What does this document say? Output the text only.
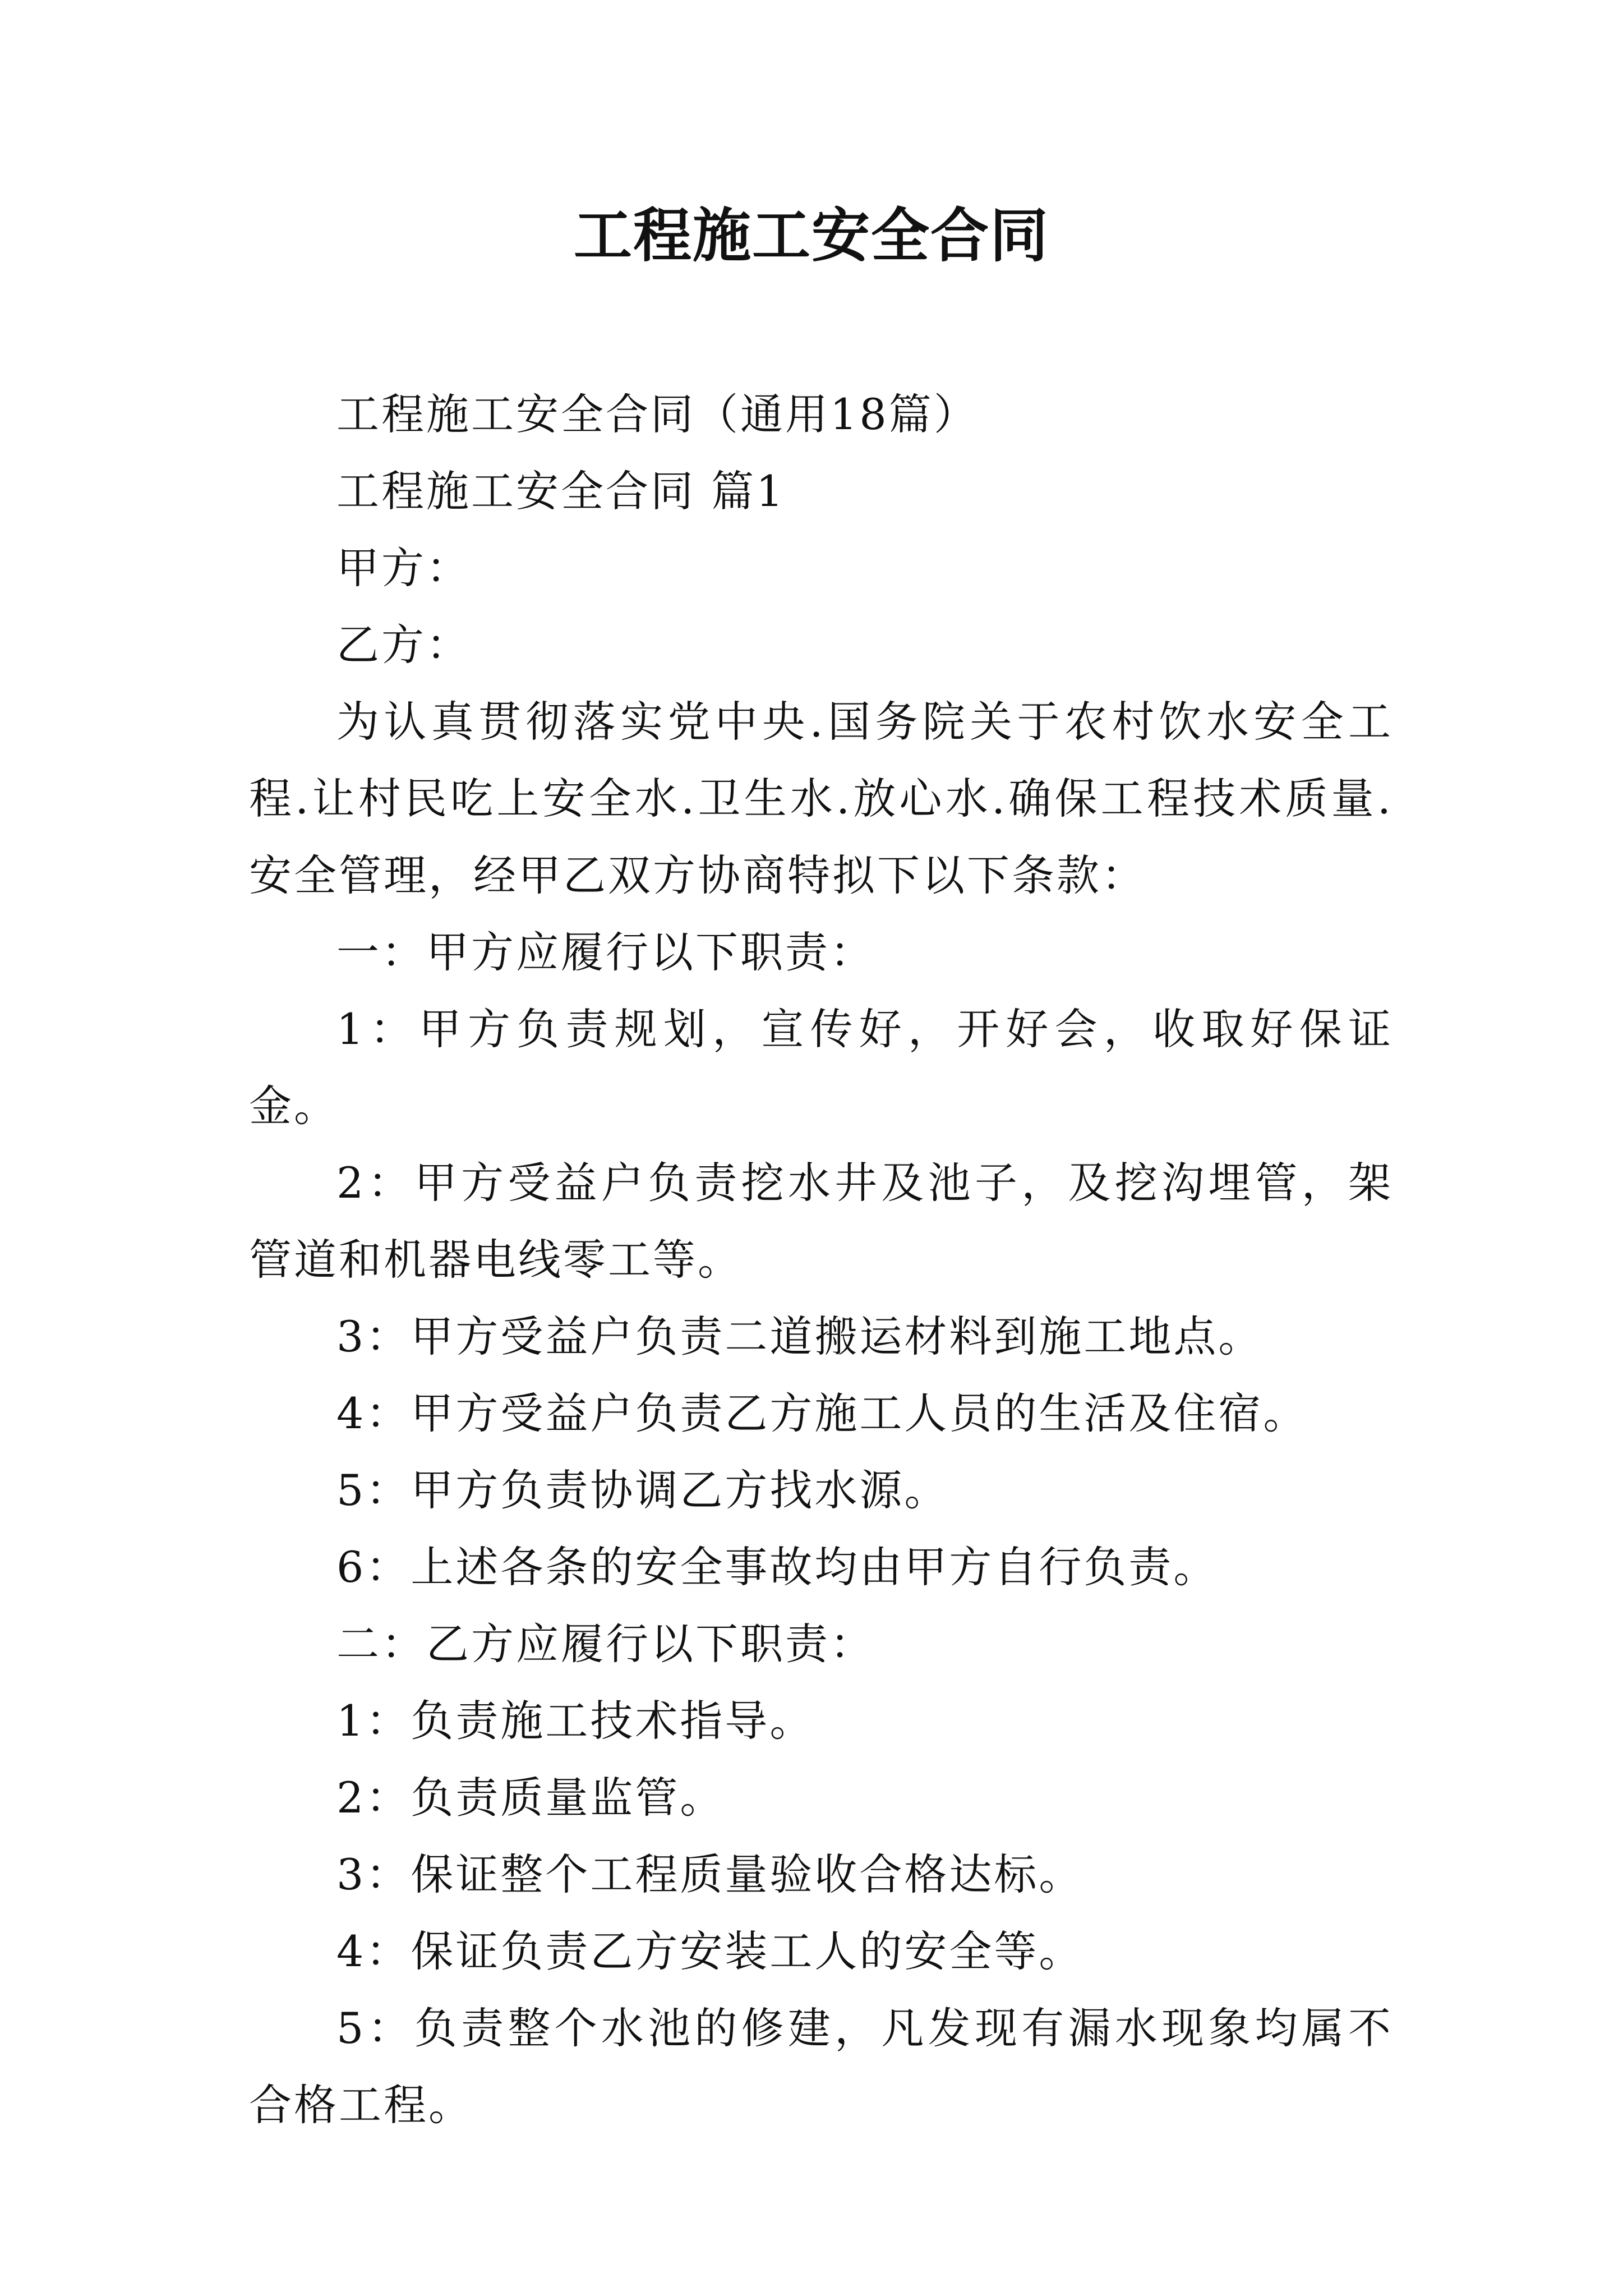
工程施工安全合同

工程施工安全合同（通用18篇）

工程施工安全合同 篇1

甲方：

乙方：

为认真贯彻落实党中央.国务院关于农村饮水安全工程.让村民吃上安全水.卫生水.放心水.确保工程技术质量.安全管理，经甲乙双方协商特拟下以下条款：

一：甲方应履行以下职责：

1：甲方负责规划，宣传好，开好会，收取好保证金。

2：甲方受益户负责挖水井及池子，及挖沟埋管，架管道和机器电线零工等。

3：甲方受益户负责二道搬运材料到施工地点。

4：甲方受益户负责乙方施工人员的生活及住宿。

5：甲方负责协调乙方找水源。

6：上述各条的安全事故均由甲方自行负责。

二：乙方应履行以下职责：

1：负责施工技术指导。

2：负责质量监管。

3：保证整个工程质量验收合格达标。

4：保证负责乙方安装工人的安全等。

5：负责整个水池的修建，凡发现有漏水现象均属不合格工程。
